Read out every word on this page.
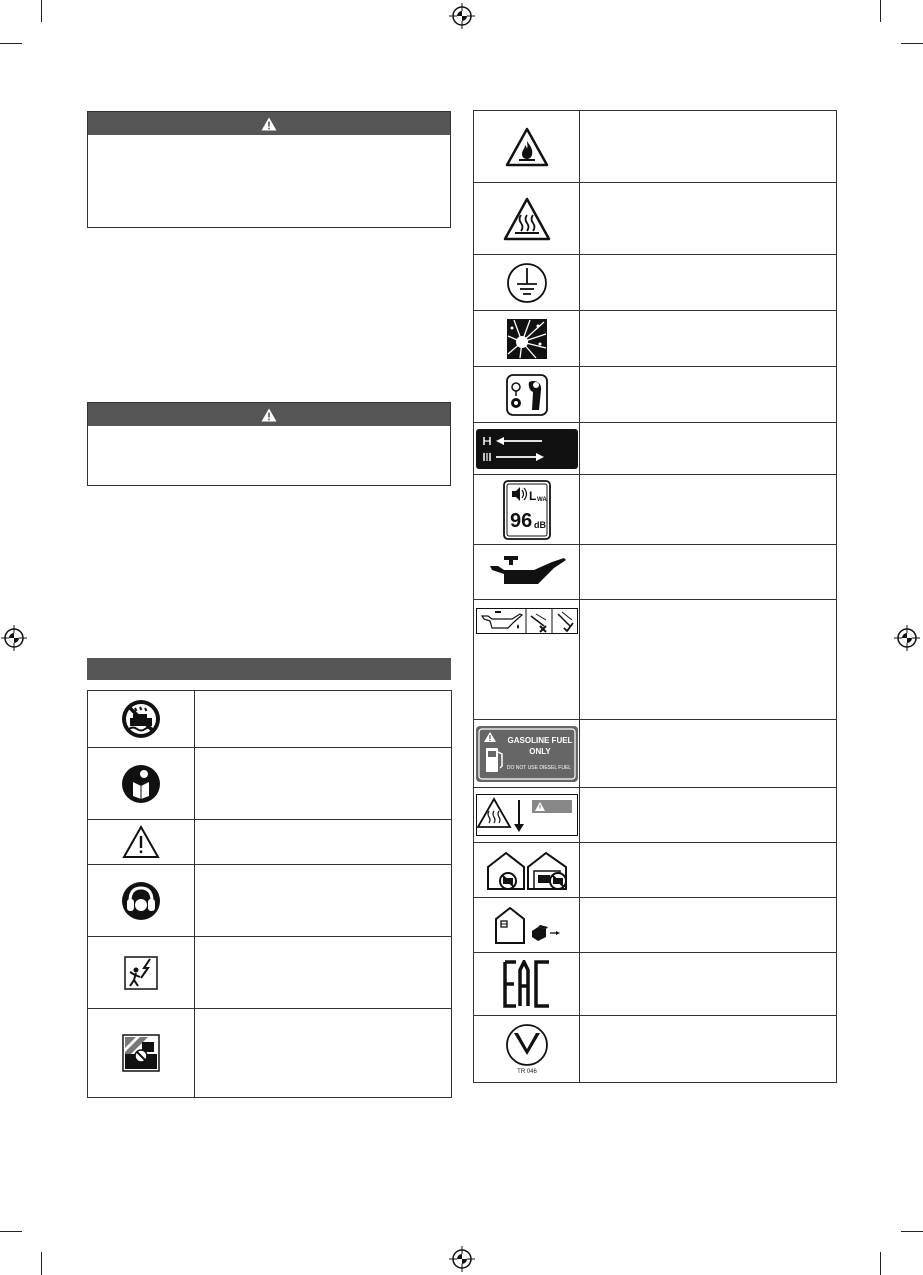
L WA
96 dB	

GASOLINE FUEL
ONLY
DO NOT USE DIESEL FUEL	

TR 046	
